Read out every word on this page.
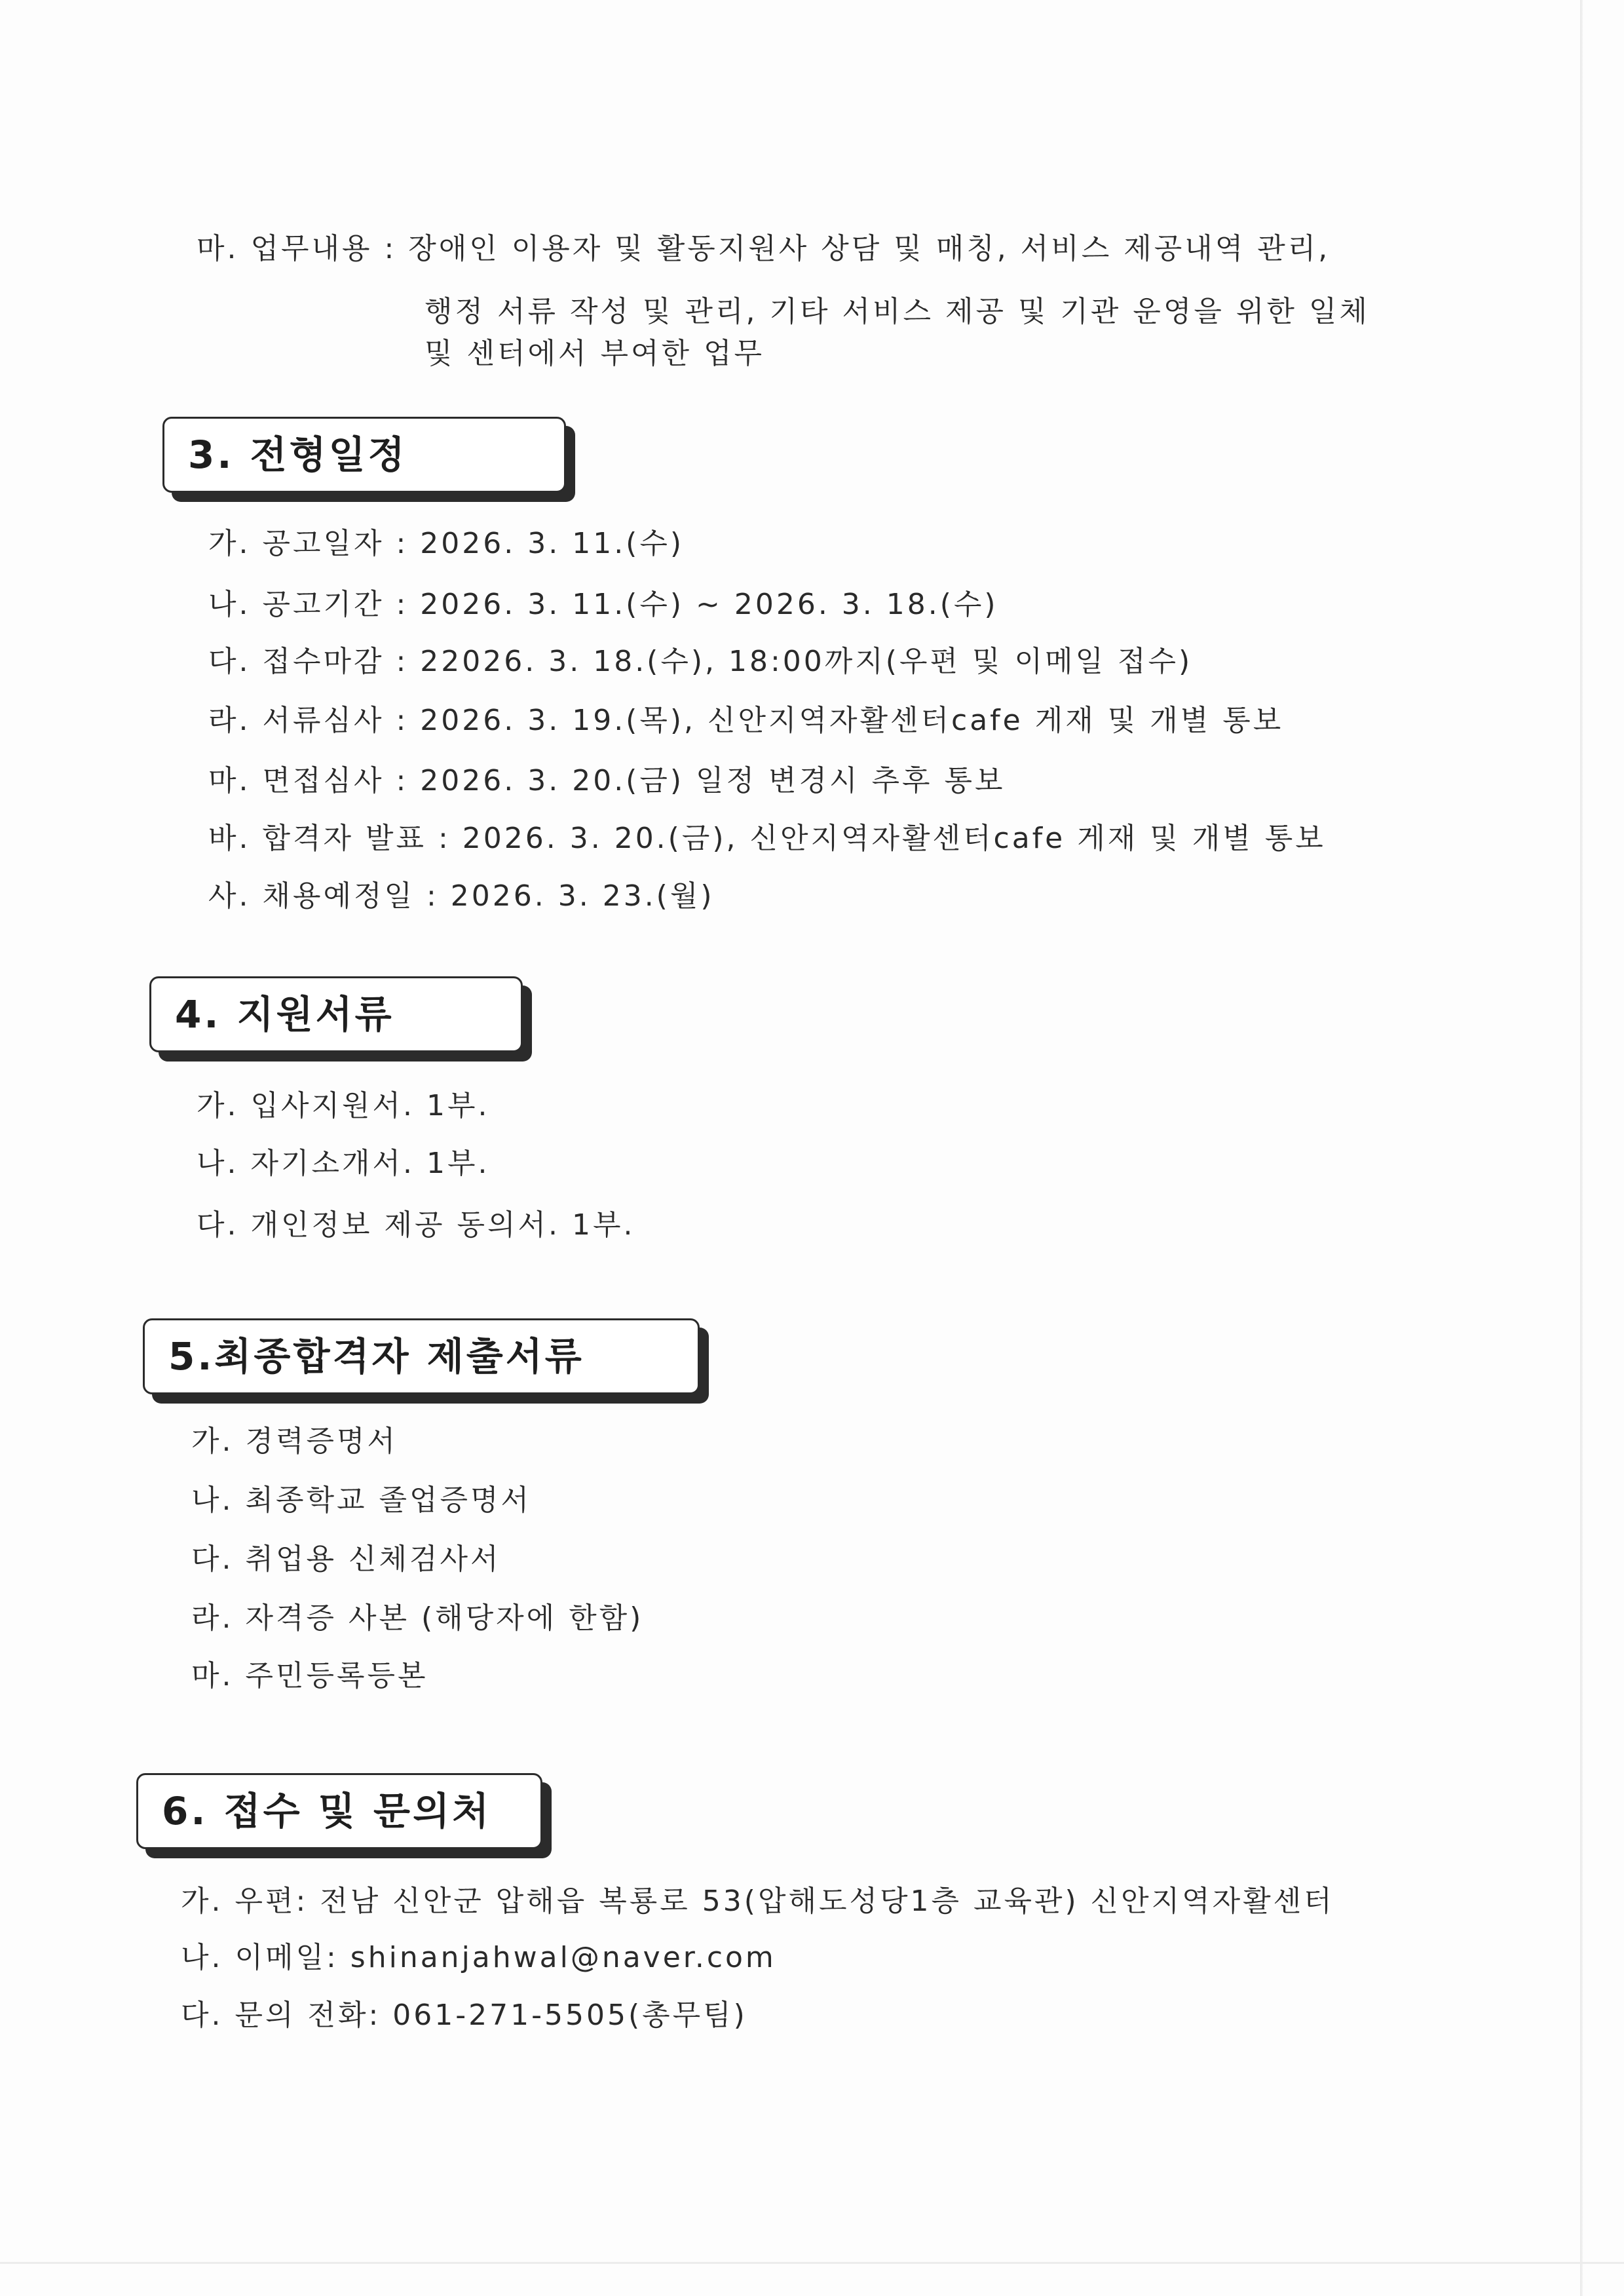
마. 업무내용 : 장애인 이용자 및 활동지원사 상담 및 매칭, 서비스 제공내역 관리,
행정 서류 작성 및 관리, 기타 서비스 제공 및 기관 운영을 위한 일체
및 센터에서 부여한 업무
3. 전형일정
가. 공고일자 : 2026. 3. 11.(수)
나. 공고기간 : 2026. 3. 11.(수) ~ 2026. 3. 18.(수)
다. 접수마감 : 22026. 3. 18.(수), 18:00까지(우편 및 이메일 접수)
라. 서류심사 : 2026. 3. 19.(목), 신안지역자활센터cafe 게재 및 개별 통보
마. 면접심사 : 2026. 3. 20.(금) 일정 변경시 추후 통보
바. 합격자 발표 : 2026. 3. 20.(금), 신안지역자활센터cafe 게재 및 개별 통보
사. 채용예정일 : 2026. 3. 23.(월)
4. 지원서류
가. 입사지원서. 1부.
나. 자기소개서. 1부.
다. 개인정보 제공 동의서. 1부.
5.최종합격자 제출서류
가. 경력증명서
나. 최종학교 졸업증명서
다. 취업용 신체검사서
라. 자격증 사본 (해당자에 한함)
마. 주민등록등본
6. 접수 및 문의처
가. 우편: 전남 신안군 압해읍 복룡로 53(압해도성당1층 교육관) 신안지역자활센터
나. 이메일: shinanjahwal@naver.com
다. 문의 전화: 061-271-5505(총무팀)
